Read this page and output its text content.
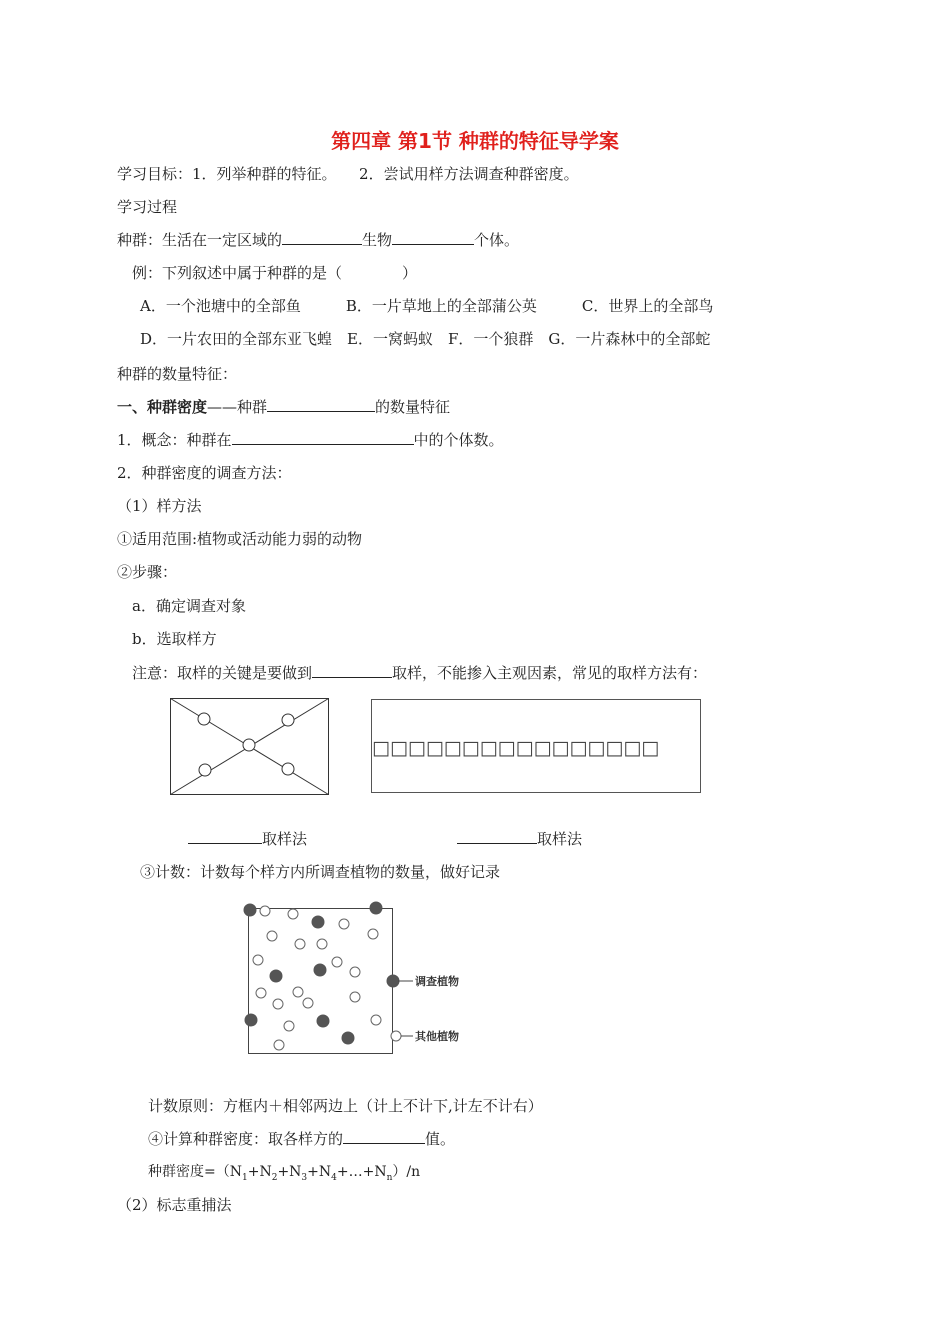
第四章 第1节 种群的特征导学案
学习目标：1．列举种群的特征。　　2．尝试用样方法调查种群密度。
学习过程
种群：生活在一定区域的	生物	个体。
例：下列叙述中属于种群的是（　　　　）
A．一个池塘中的全部鱼　　　B．一片草地上的全部蒲公英　　　C．世界上的全部鸟
D．一片农田的全部东亚飞蝗　E．一窝蚂蚁　F．一个狼群　G．一片森林中的全部蛇
种群的数量特征：
一、种群密度——种群	的数量特征
1．概念：种群在	中的个体数。
2．种群密度的调查方法：
（1）样方法
①适用范围:植物或活动能力弱的动物
②步骤：
a．确定调查对象
b．选取样方
注意：取样的关键是要做到	取样，不能掺入主观因素，常见的取样方法有：
□□□□□□□□□□□□□□□□
取样法	取样法
③计数：计数每个样方内所调查植物的数量，做好记录
调查植物
其他植物
计数原则：方框内＋相邻两边上（计上不计下,计左不计右）
④计算种群密度：取各样方的	值。
种群密度$=(N_1+N_2+N_3+N_4+\dots+N_n)/n$
（2）标志重捕法
